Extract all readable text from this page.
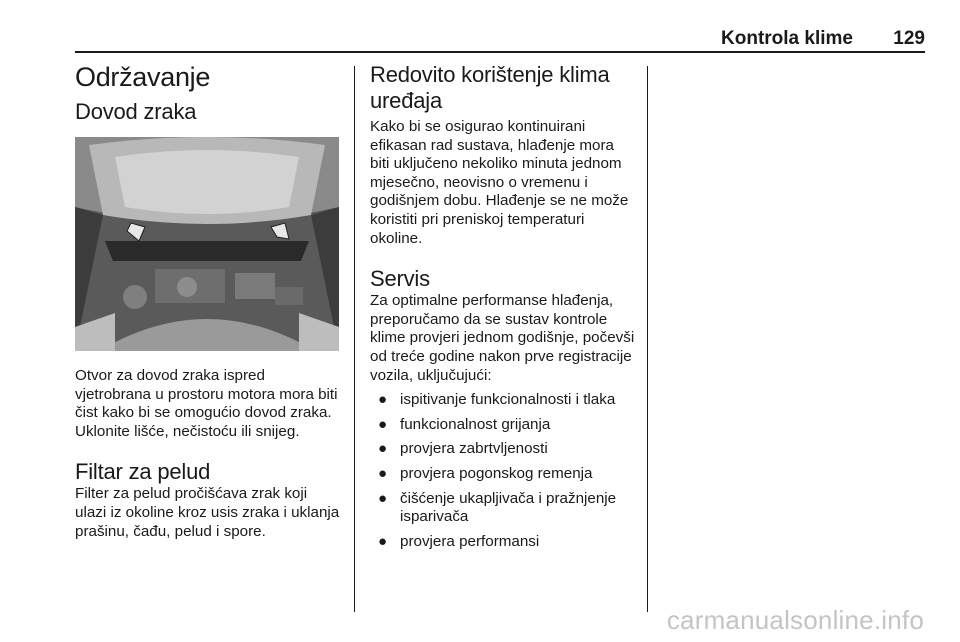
Kontrola klime 129
Održavanje
Dovod zraka

Otvor za dovod zraka ispred vjetrobrana u prostoru motora mora biti čist kako bi se omogućio dovod zraka. Uklonite lišće, nečistoću ili snijeg.

Filtar za pelud

Filter za pelud pročišćava zrak koji ulazi iz okoline kroz usis zraka i uklanja prašinu, čađu, pelud i spore.

Redovito korištenje klima uređaja

Kako bi se osigurao kontinuirani efikasan rad sustava, hlađenje mora biti uključeno nekoliko minuta jednom mjesečno, neovisno o vremenu i godišnjem dobu. Hlađenje se ne može koristiti pri preniskoj temperaturi okoline.

Servis

Za optimalne performanse hlađenja, preporučamo da se sustav kontrole klime provjeri jednom godišnje, počevši od treće godine nakon prve registracije vozila, uključujući:

● ispitivanje funkcionalnosti i tlaka
● funkcionalnost grijanja
● provjera zabrtvljenosti
● provjera pogonskog remenja
● čišćenje ukapljivača i pražnjenje isparivača
● provjera performansi
carmanualsonline.info
